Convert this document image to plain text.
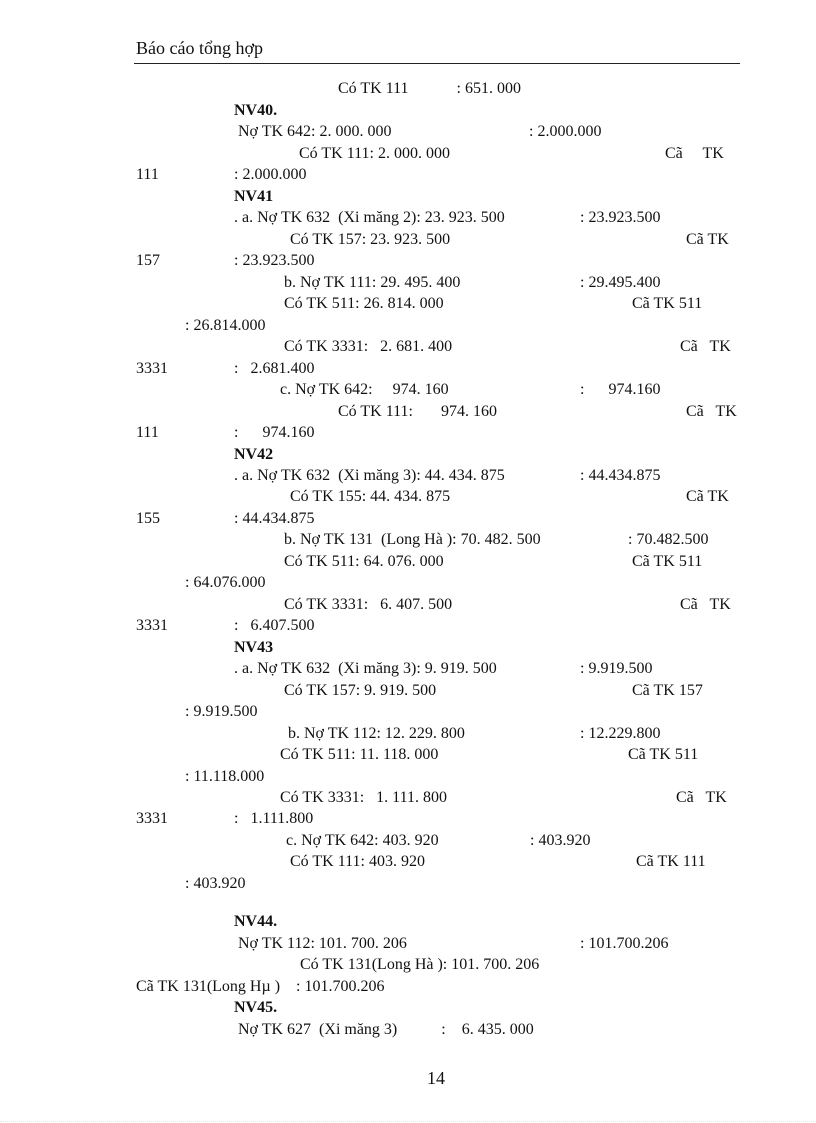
Báo cáo tổng hợp
Có TK 111            : 651. 000
NV40.
Nợ TK 642: 2. 000. 000	: 2.000.000
Có TK 111: 2. 000. 000	Cã     TK
111	: 2.000.000
NV41
. a. Nợ TK 632  (Xi măng 2): 23. 923. 500	: 23.923.500
Có TK 157: 23. 923. 500	Cã TK
157	: 23.923.500
b. Nợ TK 111: 29. 495. 400	: 29.495.400
Có TK 511: 26. 814. 000	Cã TK 511
: 26.814.000
Có TK 3331:   2. 681. 400	Cã   TK
3331	:   2.681.400
c. Nợ TK 642:     974. 160	:      974.160
Có TK 111:       974. 160	Cã   TK
111	:      974.160
NV42
. a. Nợ TK 632  (Xi măng 3): 44. 434. 875	: 44.434.875
Có TK 155: 44. 434. 875	Cã TK
155	: 44.434.875
b. Nợ TK 131  (Long Hà ): 70. 482. 500	: 70.482.500
Có TK 511: 64. 076. 000	Cã TK 511
: 64.076.000
Có TK 3331:   6. 407. 500	Cã   TK
3331	:   6.407.500
NV43
. a. Nợ TK 632  (Xi măng 3): 9. 919. 500	: 9.919.500
Có TK 157: 9. 919. 500	Cã TK 157
: 9.919.500
b. Nợ TK 112: 12. 229. 800	: 12.229.800
Có TK 511: 11. 118. 000	Cã TK 511
: 11.118.000
Có TK 3331:   1. 111. 800	Cã   TK
3331	:   1.111.800
c. Nợ TK 642: 403. 920	: 403.920
Có TK 111: 403. 920	Cã TK 111
: 403.920
NV44.
Nợ TK 112: 101. 700. 206	: 101.700.206
Có TK 131(Long Hà ): 101. 700. 206
Cã TK 131(Long Hµ )    : 101.700.206
NV45.
Nợ TK 627  (Xi măng 3)           :    6. 435. 000
14
